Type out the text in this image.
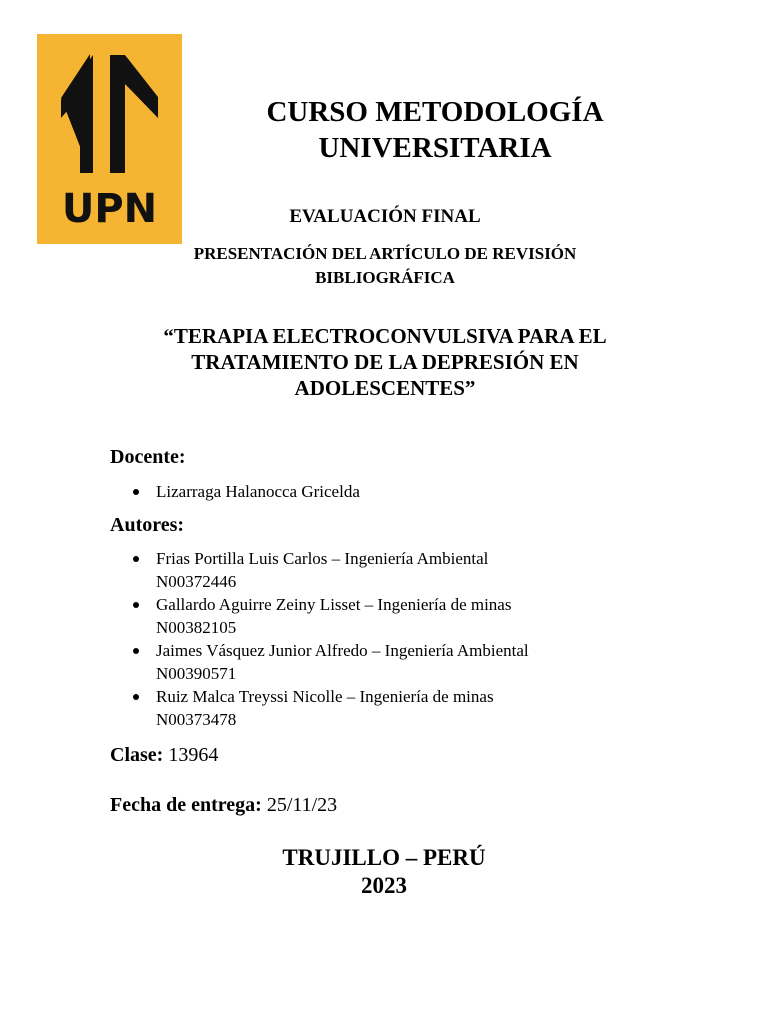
UPN
CURSO METODOLOGÍA
UNIVERSITARIA

EVALUACIÓN FINAL

PRESENTACIÓN DEL ARTÍCULO DE REVISIÓN

BIBLIOGRÁFICA

“TERAPIA ELECTROCONVULSIVA PARA EL

TRATAMIENTO DE LA DEPRESIÓN EN

ADOLESCENTES”

Docente:

Lizarraga Halanocca Gricelda

Autores:

Frias Portilla Luis Carlos – Ingeniería Ambiental
N00372446
Gallardo Aguirre Zeiny Lisset – Ingeniería de minas
N00382105
Jaimes Vásquez Junior Alfredo – Ingeniería Ambiental
N00390571
Ruiz Malca Treyssi Nicolle – Ingeniería de minas
N00373478

Clase: 13964

Fecha de entrega: 25/11/23

TRUJILLO – PERÚ

2023
